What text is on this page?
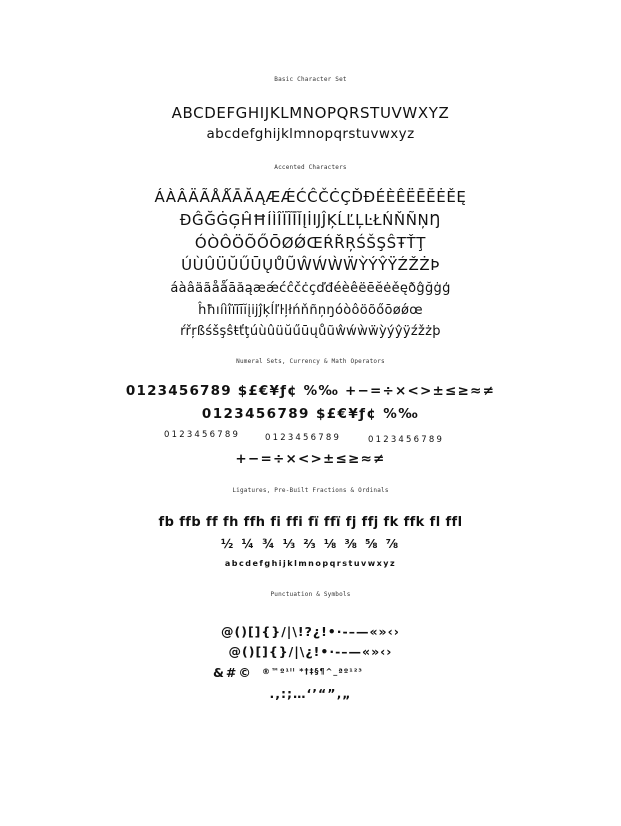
Basic Character Set
ABCDEFGHIJKLMNOPQRSTUVWXYZ
abcdefghijklmnopqrstuvwxyz
Accented Characters
ÁÀÂÄÃÅǺĀĂĄÆǼĆĈČĊÇĎĐÉÈÊËĒĔĖĚĘ
ĐĜĞĠĢĤĦÍÌÎÏĨĪĬĮİĲĴĶĹĽĻĿŁŃŇÑŅŊ
ÓÒÔÖÕŐŌØǾŒŔŘŖŚŠŞŜŦŤŢ
ÚÙÛÜŬŰŪŲŮŨŴẂẀẄỲÝŶŸŹŽŻÞ
áàâäãåǻāăąæǽćĉčċçďđéèêëēĕėěęðĝğġģ
ĥħıíìîïĩīĭįĳĵķĺľŀļłńňñņŋóòôöõőōøǿœ
ŕřŗßśšşŝŧťţúùûüŭűūųůũŵẃẁẅỳýŷÿźžżþ
Numeral Sets, Currency & Math Operators
0123456789 $£€¥ƒ¢ %‰ +−=÷×<>±≤≥≈≠
0123456789 $£€¥ƒ¢ %‰
0123456789	0123456789	0123456789
+−=÷×<>±≤≥≈≠
Ligatures, Pre-Built Fractions & Ordinals
fb ffb ff fh ffh fi ffi fï ffï fj ffj fk ffk fl ffl
½ ¼ ¾ ⅓ ⅔ ⅛ ⅜ ⅝ ⅞
abcdefghijklmnopqrstuvwxyz
Punctuation & Symbols
@()[]{}/|\!?¿!•·-–—«»‹›
@()[]{}/|\¿!•·-–—«»‹›
&#© ®™º¹ˡˡ *†‡§¶^_ªº¹²³
.,:;…‘’“”‚„
